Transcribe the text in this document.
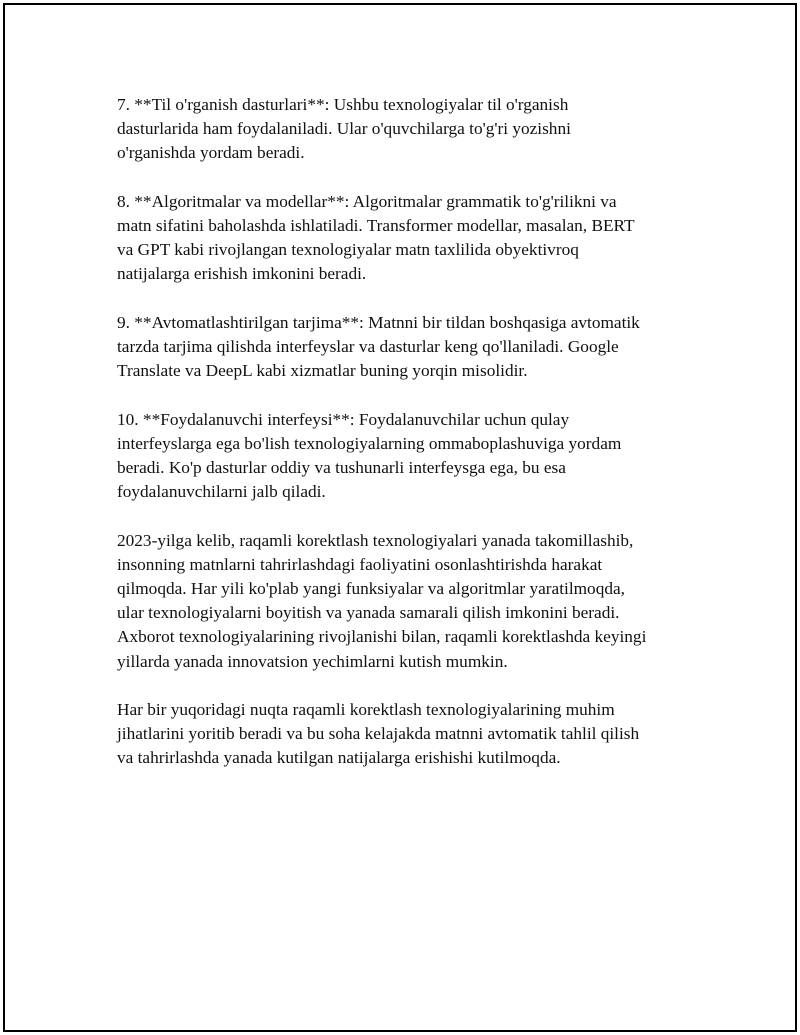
7. **Til o'rganish dasturlari**: Ushbu texnologiyalar til o'rganish
dasturlarida ham foydalaniladi. Ular o'quvchilarga to'g'ri yozishni
o'rganishda yordam beradi.

8. **Algoritmalar va modellar**: Algoritmalar grammatik to'g'rilikni va
matn sifatini baholashda ishlatiladi. Transformer modellar, masalan, BERT
va GPT kabi rivojlangan texnologiyalar matn taxlilida obyektivroq
natijalarga erishish imkonini beradi.

9. **Avtomatlashtirilgan tarjima**: Matnni bir tildan boshqasiga avtomatik
tarzda tarjima qilishda interfeyslar va dasturlar keng qo'llaniladi. Google
Translate va DeepL kabi xizmatlar buning yorqin misolidir.

10. **Foydalanuvchi interfeysi**: Foydalanuvchilar uchun qulay
interfeyslarga ega bo'lish texnologiyalarning ommaboplashuviga yordam
beradi. Ko'p dasturlar oddiy va tushunarli interfeysga ega, bu esa
foydalanuvchilarni jalb qiladi.

2023-yilga kelib, raqamli korektlash texnologiyalari yanada takomillashib,
insonning matnlarni tahrirlashdagi faoliyatini osonlashtirishda harakat
qilmoqda. Har yili ko'plab yangi funksiyalar va algoritmlar yaratilmoqda,
ular texnologiyalarni boyitish va yanada samarali qilish imkonini beradi.
Axborot texnologiyalarining rivojlanishi bilan, raqamli korektlashda keyingi
yillarda yanada innovatsion yechimlarni kutish mumkin.

Har bir yuqoridagi nuqta raqamli korektlash texnologiyalarining muhim
jihatlarini yoritib beradi va bu soha kelajakda matnni avtomatik tahlil qilish
va tahrirlashda yanada kutilgan natijalarga erishishi kutilmoqda.
